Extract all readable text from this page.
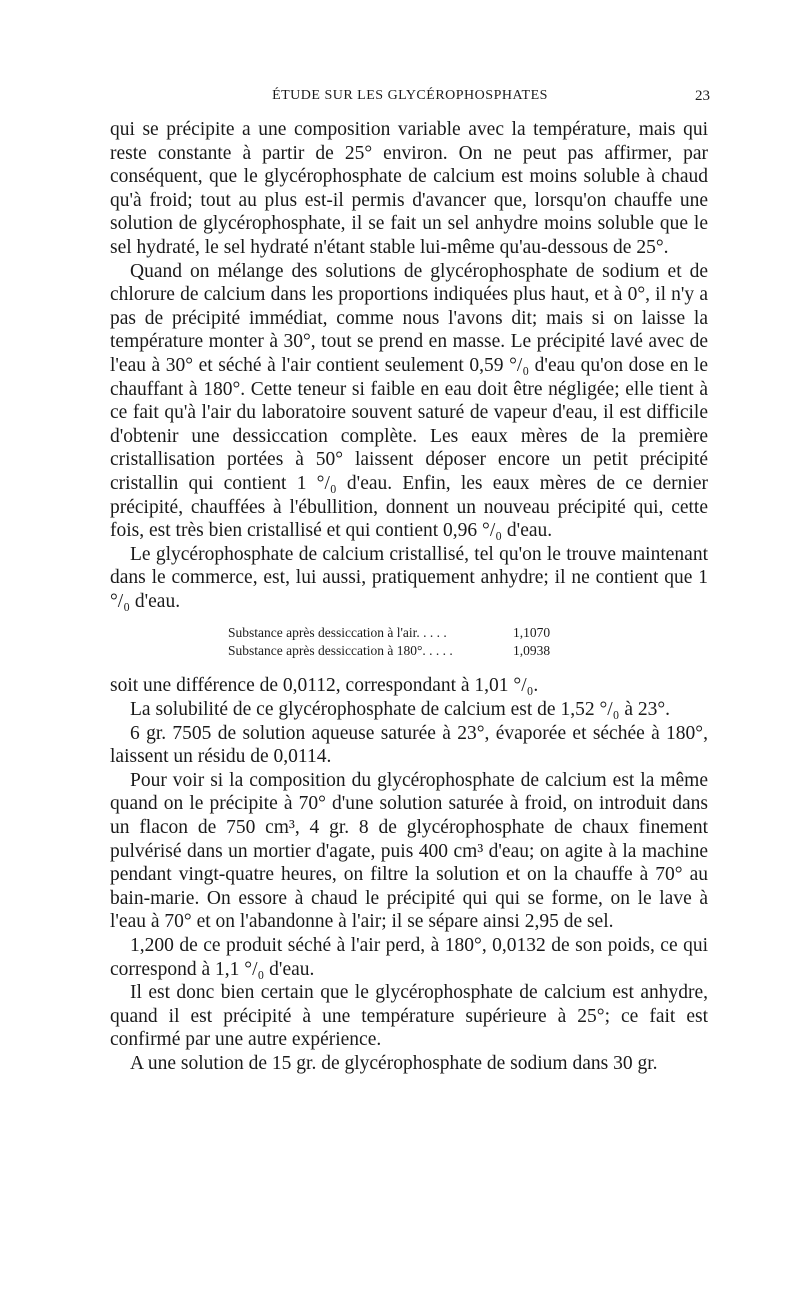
ÉTUDE SUR LES GLYCÉROPHOSPHATES	23

qui se précipite a une composition variable avec la température, mais qui reste constante à partir de 25° environ. On ne peut pas affirmer, par conséquent, que le glycérophosphate de calcium est moins soluble à chaud qu'à froid; tout au plus est-il permis d'avancer que, lorsqu'on chauffe une solution de glycérophosphate, il se fait un sel anhydre moins soluble que le sel hydraté, le sel hydraté n'étant stable lui-même qu'au-dessous de 25°.

Quand on mélange des solutions de glycérophosphate de sodium et de chlorure de calcium dans les proportions indiquées plus haut, et à 0°, il n'y a pas de précipité immédiat, comme nous l'avons dit; mais si on laisse la température monter à 30°, tout se prend en masse. Le précipité lavé avec de l'eau à 30° et séché à l'air contient seulement 0,59 °/₀ d'eau qu'on dose en le chauffant à 180°. Cette teneur si faible en eau doit être négligée; elle tient à ce fait qu'à l'air du laboratoire souvent saturé de vapeur d'eau, il est difficile d'obtenir une dessiccation complète. Les eaux mères de la première cristallisation portées à 50° laissent déposer encore un petit précipité cristallin qui contient 1 °/₀ d'eau. Enfin, les eaux mères de ce dernier précipité, chauffées à l'ébullition, donnent un nouveau précipité qui, cette fois, est très bien cristallisé et qui contient 0,96 °/₀ d'eau.

Le glycérophosphate de calcium cristallisé, tel qu'on le trouve maintenant dans le commerce, est, lui aussi, pratiquement anhydre; il ne contient que 1 °/₀ d'eau.

Substance après dessiccation à l'air. . . . .	1,1070
Substance après dessiccation à 180°. . . . .	1,0938

soit une différence de 0,0112, correspondant à 1,01 °/₀.

La solubilité de ce glycérophosphate de calcium est de 1,52 °/₀ à 23°.

6 gr. 7505 de solution aqueuse saturée à 23°, évaporée et séchée à 180°, laissent un résidu de 0,0114.

Pour voir si la composition du glycérophosphate de calcium est la même quand on le précipite à 70° d'une solution saturée à froid, on introduit dans un flacon de 750 cm³, 4 gr. 8 de glycérophosphate de chaux finement pulvérisé dans un mortier d'agate, puis 400 cm³ d'eau; on agite à la machine pendant vingt-quatre heures, on filtre la solution et on la chauffe à 70° au bain-marie. On essore à chaud le précipité qui qui se forme, on le lave à l'eau à 70° et on l'abandonne à l'air; il se sépare ainsi 2,95 de sel.

1,200 de ce produit séché à l'air perd, à 180°, 0,0132 de son poids, ce qui correspond à 1,1 °/₀ d'eau.

Il est donc bien certain que le glycérophosphate de calcium est anhydre, quand il est précipité à une température supérieure à 25°; ce fait est confirmé par une autre expérience.

A une solution de 15 gr. de glycérophosphate de sodium dans 30 gr.
